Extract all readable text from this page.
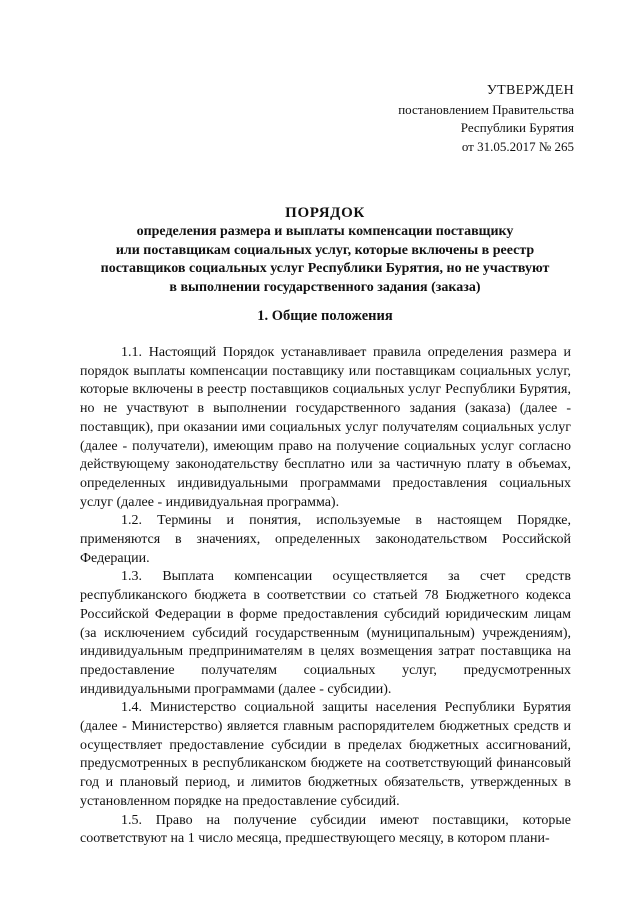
УТВЕРЖДЕН
постановлением Правительства
Республики Бурятия
от 31.05.2017 № 265
ПОРЯДОК
определения размера и выплаты компенсации поставщику
или поставщикам социальных услуг, которые включены в реестр
поставщиков социальных услуг Республики Бурятия, но не участвуют
в выполнении государственного задания (заказа)
1. Общие положения

1.1. Настоящий Порядок устанавливает правила определения размера и порядок выплаты компенсации поставщику или поставщикам социальных услуг, которые включены в реестр поставщиков социальных услуг Республики Бурятия, но не участвуют в выполнении государственного задания (заказа) (далее - поставщик), при оказании ими социальных услуг получателям социальных услуг (далее - получатели), имеющим право на получение социальных услуг согласно действующему законодательству бесплатно или за частичную плату в объемах, определенных индивидуальными программами предоставления социальных услуг (далее - индивидуальная программа).

1.2. Термины и понятия, используемые в настоящем Порядке, применяются в значениях, определенных законодательством Российской Федерации.

1.3. Выплата компенсации осуществляется за счет средств республиканского бюджета в соответствии со статьей 78 Бюджетного кодекса Российской Федерации в форме предоставления субсидий юридическим лицам (за исключением субсидий государственным (муниципальным) учреждениям), индивидуальным предпринимателям в целях возмещения затрат поставщика на предоставление получателям социальных услуг, предусмотренных индивидуальными программами (далее - субсидии).

1.4. Министерство социальной защиты населения Республики Бурятия (далее - Министерство) является главным распорядителем бюджетных средств и осуществляет предоставление субсидии в пределах бюджетных ассигнований, предусмотренных в республиканском бюджете на соответствующий финансовый год и плановый период, и лимитов бюджетных обязательств, утвержденных в установленном порядке на предоставление субсидий.

1.5. Право на получение субсидии имеют поставщики, которые соответствуют на 1 число месяца, предшествующего месяцу, в котором плани-
